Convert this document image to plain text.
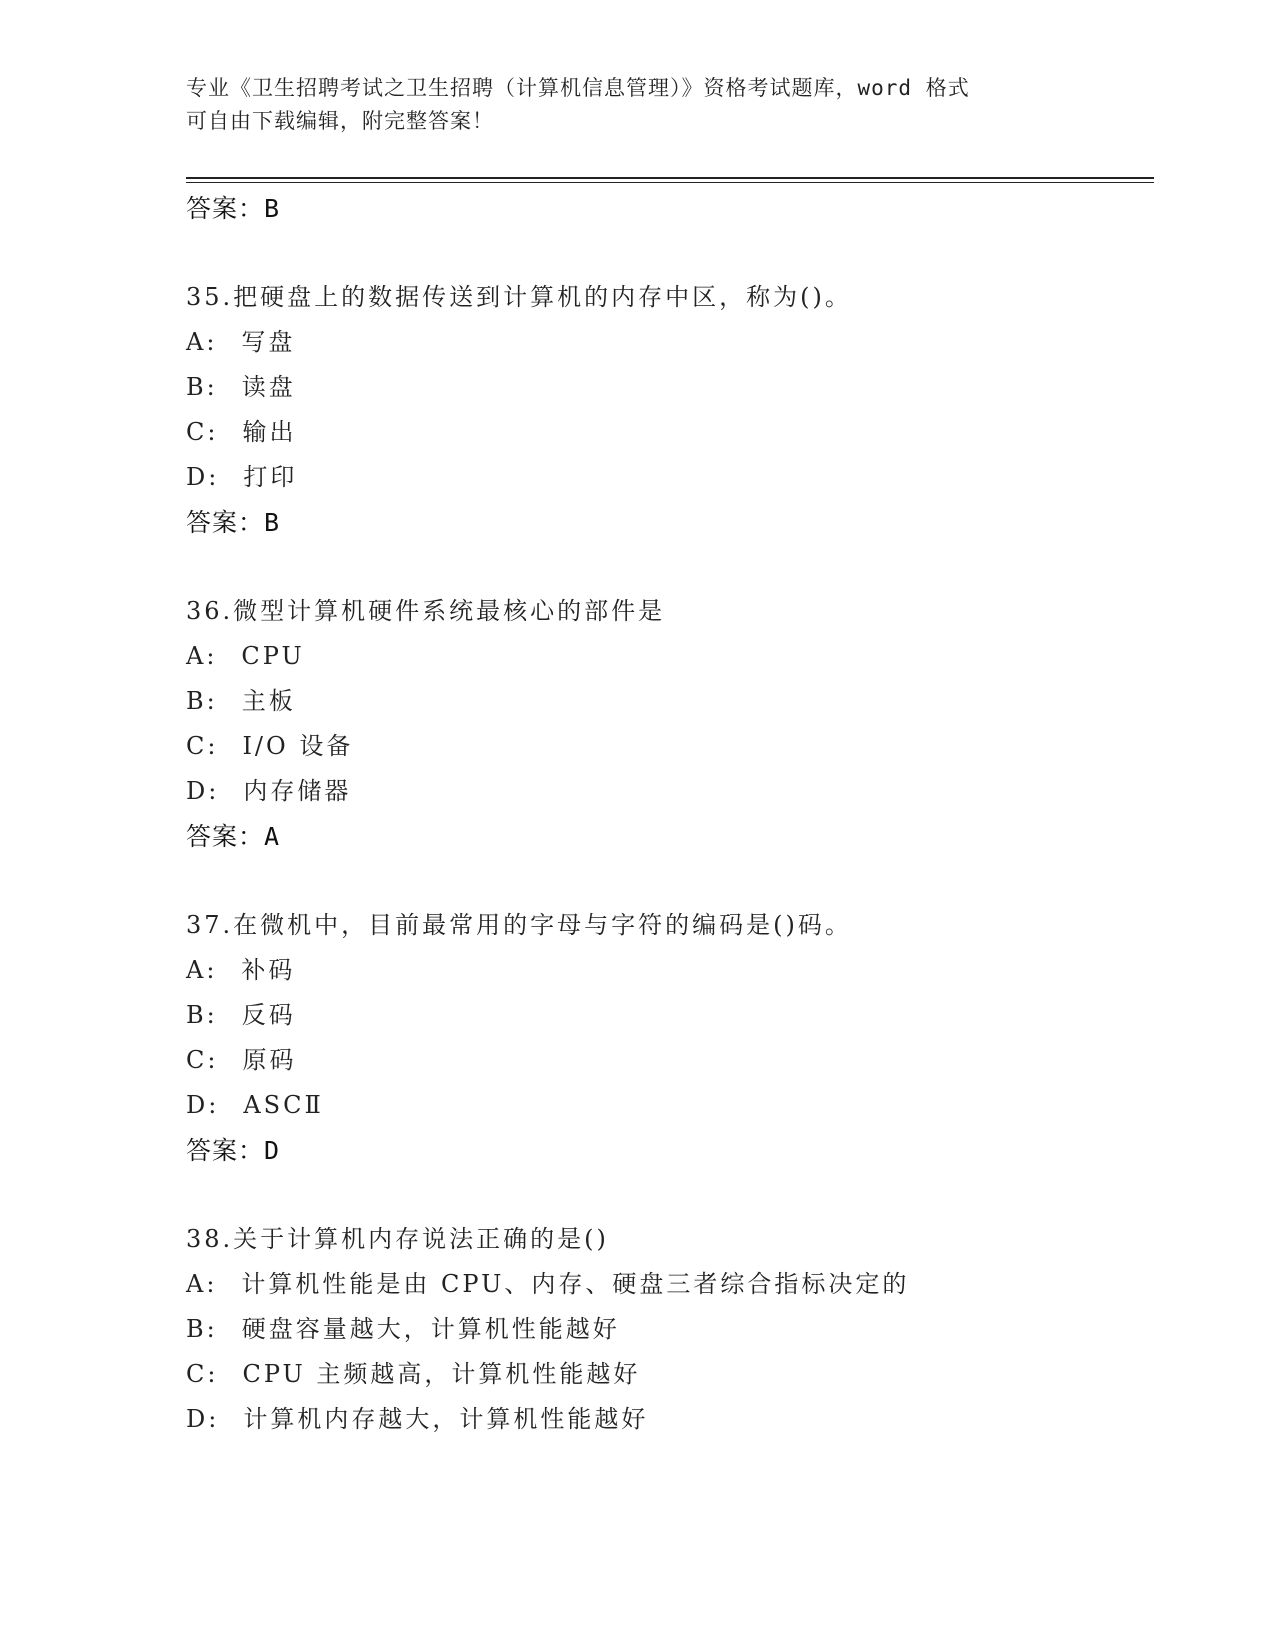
专业《卫生招聘考试之卫生招聘（计算机信息管理）》资格考试题库，word 格式
可自由下载编辑，附完整答案！
答案：B
35.把硬盘上的数据传送到计算机的内存中区，称为()。
A: 写盘
B: 读盘
C: 输出
D: 打印
答案：B
36.微型计算机硬件系统最核心的部件是
A: CPU
B: 主板
C: I/O 设备
D: 内存储器
答案：A
37.在微机中，目前最常用的字母与字符的编码是()码。
A: 补码
B: 反码
C: 原码
D: ASCⅡ
答案：D
38.关于计算机内存说法正确的是()
A: 计算机性能是由 CPU、内存、硬盘三者综合指标决定的
B: 硬盘容量越大，计算机性能越好
C: CPU 主频越高，计算机性能越好
D: 计算机内存越大，计算机性能越好
